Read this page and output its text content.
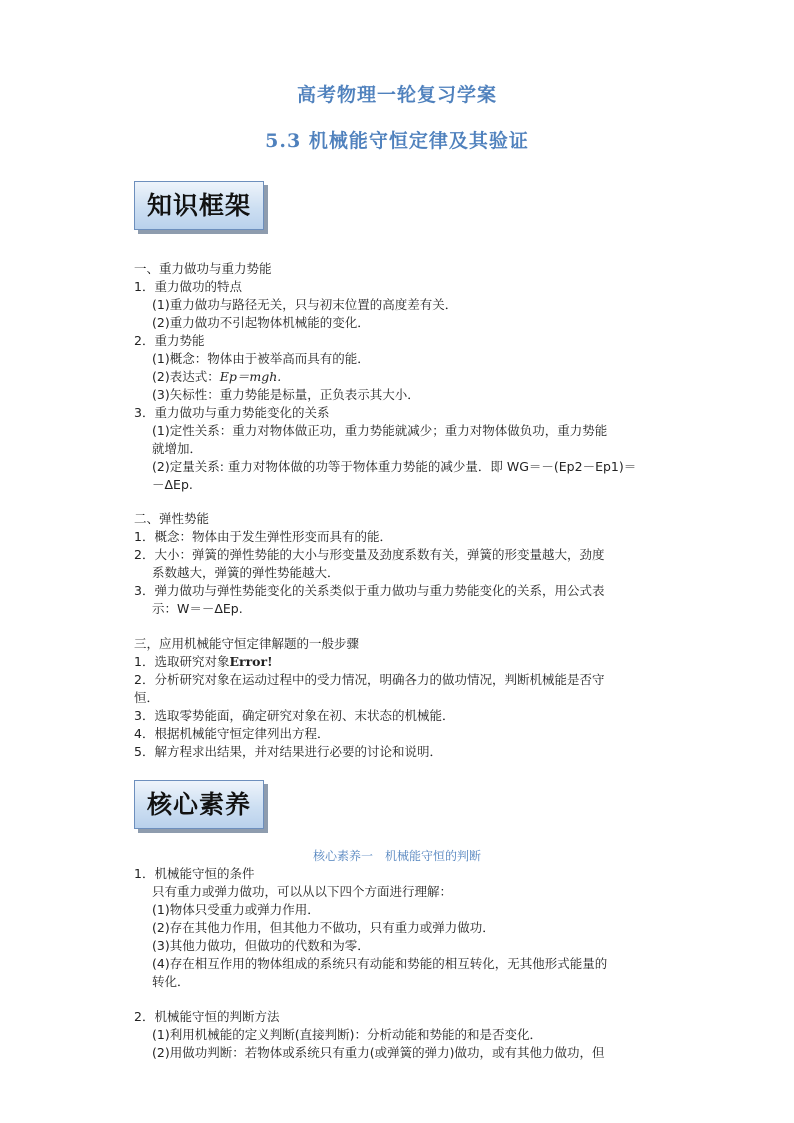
高考物理一轮复习学案
5.3 机械能守恒定律及其验证
知识框架
一、重力做功与重力势能
1．重力做功的特点
(1)重力做功与路径无关，只与初末位置的高度差有关．
(2)重力做功不引起物体机械能的变化．
2．重力势能
(1)概念：物体由于被举高而具有的能．
(2)表达式：Ep＝mgh.
(3)矢标性：重力势能是标量，正负表示其大小．
3．重力做功与重力势能变化的关系
(1)定性关系：重力对物体做正功，重力势能就减少；重力对物体做负功，重力势能
就增加．
(2)定量关系: 重力对物体做的功等于物体重力势能的减少量．即 WG＝－(Ep2－Ep1)＝
－ΔEp.
二、弹性势能
1．概念：物体由于发生弹性形变而具有的能．
2．大小：弹簧的弹性势能的大小与形变量及劲度系数有关，弹簧的形变量越大，劲度
系数越大，弹簧的弹性势能越大．
3．弹力做功与弹性势能变化的关系类似于重力做功与重力势能变化的关系，用公式表
示：W＝－ΔEp.
三，应用机械能守恒定律解题的一般步骤
1．选取研究对象Error!
2．分析研究对象在运动过程中的受力情况，明确各力的做功情况，判断机械能是否守
恒．
3．选取零势能面，确定研究对象在初、末状态的机械能．
4．根据机械能守恒定律列出方程．
5．解方程求出结果，并对结果进行必要的讨论和说明．
核心素养
核心素养一　机械能守恒的判断
1．机械能守恒的条件
只有重力或弹力做功，可以从以下四个方面进行理解：
(1)物体只受重力或弹力作用．
(2)存在其他力作用，但其他力不做功，只有重力或弹力做功．
(3)其他力做功，但做功的代数和为零．
(4)存在相互作用的物体组成的系统只有动能和势能的相互转化，无其他形式能量的
转化．
2．机械能守恒的判断方法
(1)利用机械能的定义判断(直接判断)：分析动能和势能的和是否变化．
(2)用做功判断：若物体或系统只有重力(或弹簧的弹力)做功，或有其他力做功，但
